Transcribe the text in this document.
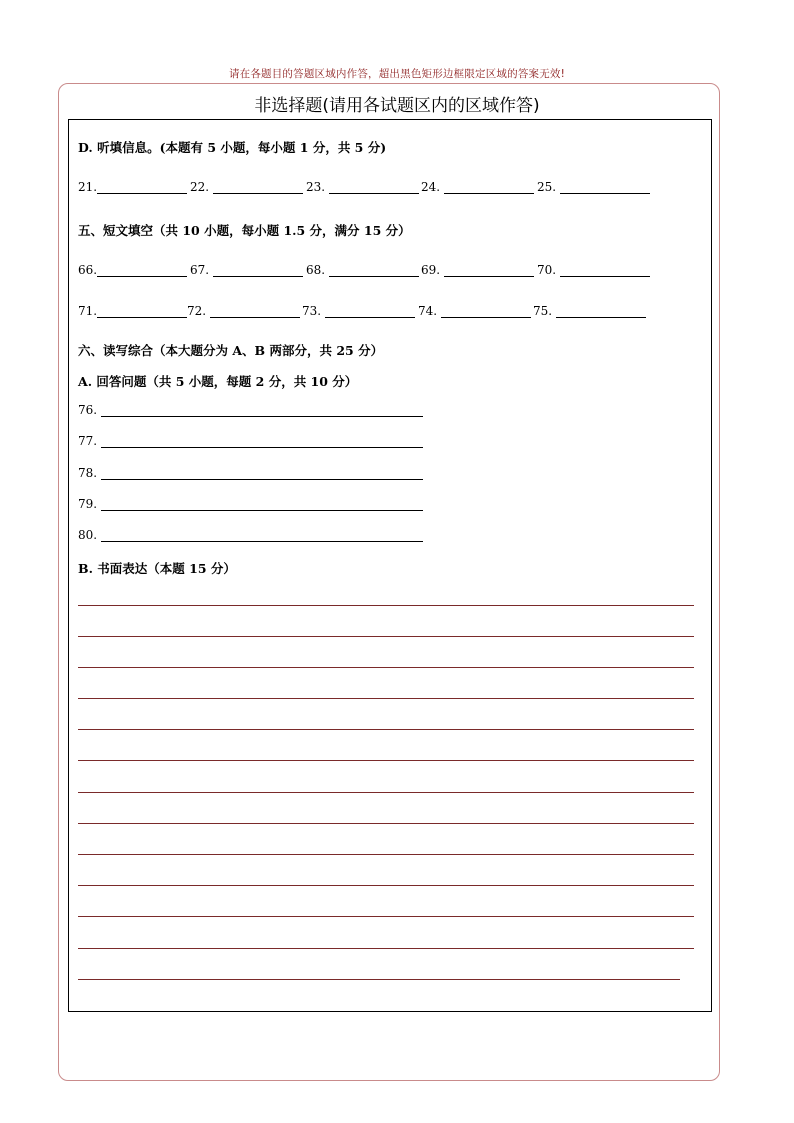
请在各题目的答题区域内作答，超出黑色矩形边框限定区域的答案无效!
非选择题(请用各试题区内的区域作答)
D. 听填信息。(本题有 5 小题，每小题 1 分，共 5 分)
21.	22.	23.	24.	25.
五、短文填空（共 10 小题，每小题 1.5 分，满分 15 分）
66.	67.	68.	69.	70.
71.	72.	73.	74.	75.
六、读写综合（本大题分为 A、B 两部分，共 25 分）
A. 回答问题（共 5 小题，每题 2 分，共 10 分）
76.
77.
78.
79.
80.
B. 书面表达（本题 15 分）
